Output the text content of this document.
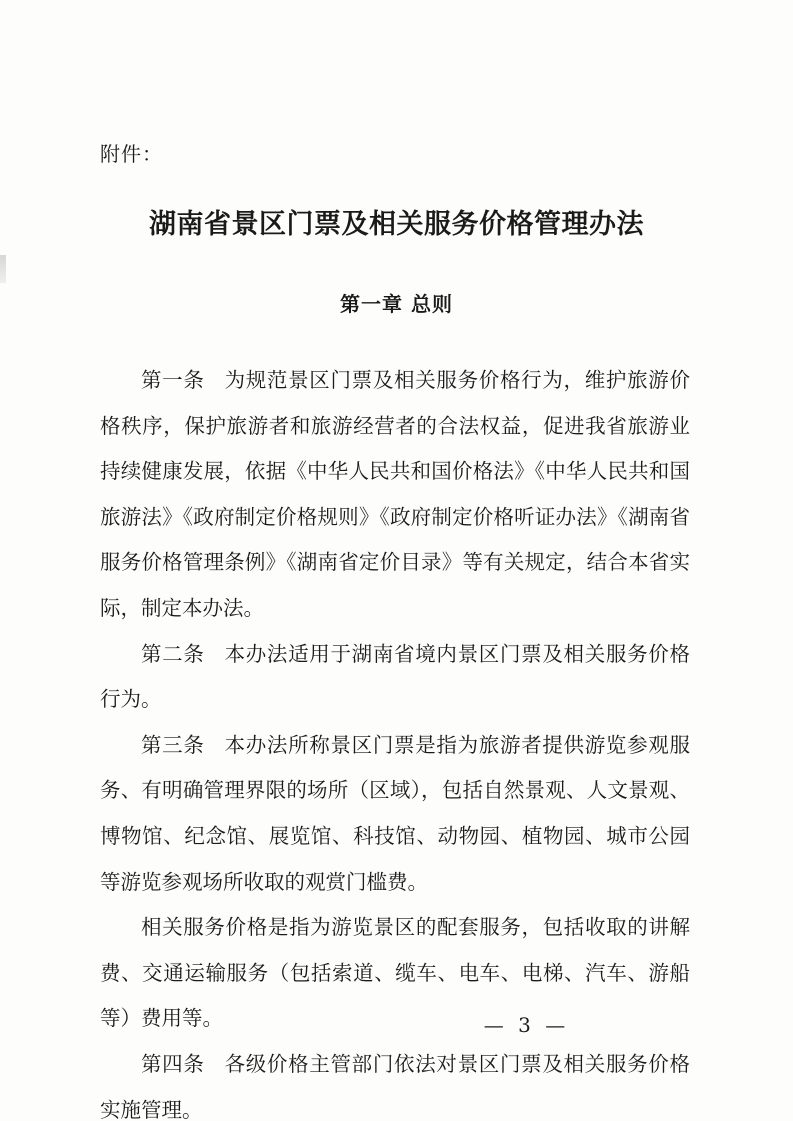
附件：
湖南省景区门票及相关服务价格管理办法
第一章 总则

第一条 为规范景区门票及相关服务价格行为，维护旅游价格秩序，保护旅游者和旅游经营者的合法权益，促进我省旅游业持续健康发展，依据《中华人民共和国价格法》《中华人民共和国旅游法》《政府制定价格规则》《政府制定价格听证办法》《湖南省服务价格管理条例》《湖南省定价目录》等有关规定，结合本省实际，制定本办法。

第二条 本办法适用于湖南省境内景区门票及相关服务价格行为。

第三条 本办法所称景区门票是指为旅游者提供游览参观服务、有明确管理界限的场所（区域），包括自然景观、人文景观、博物馆、纪念馆、展览馆、科技馆、动物园、植物园、城市公园等游览参观场所收取的观赏门槛费。

相关服务价格是指为游览景区的配套服务，包括收取的讲解费、交通运输服务（包括索道、缆车、电车、电梯、汽车、游船等）费用等。

第四条 各级价格主管部门依法对景区门票及相关服务价格实施管理。

— 3 —
